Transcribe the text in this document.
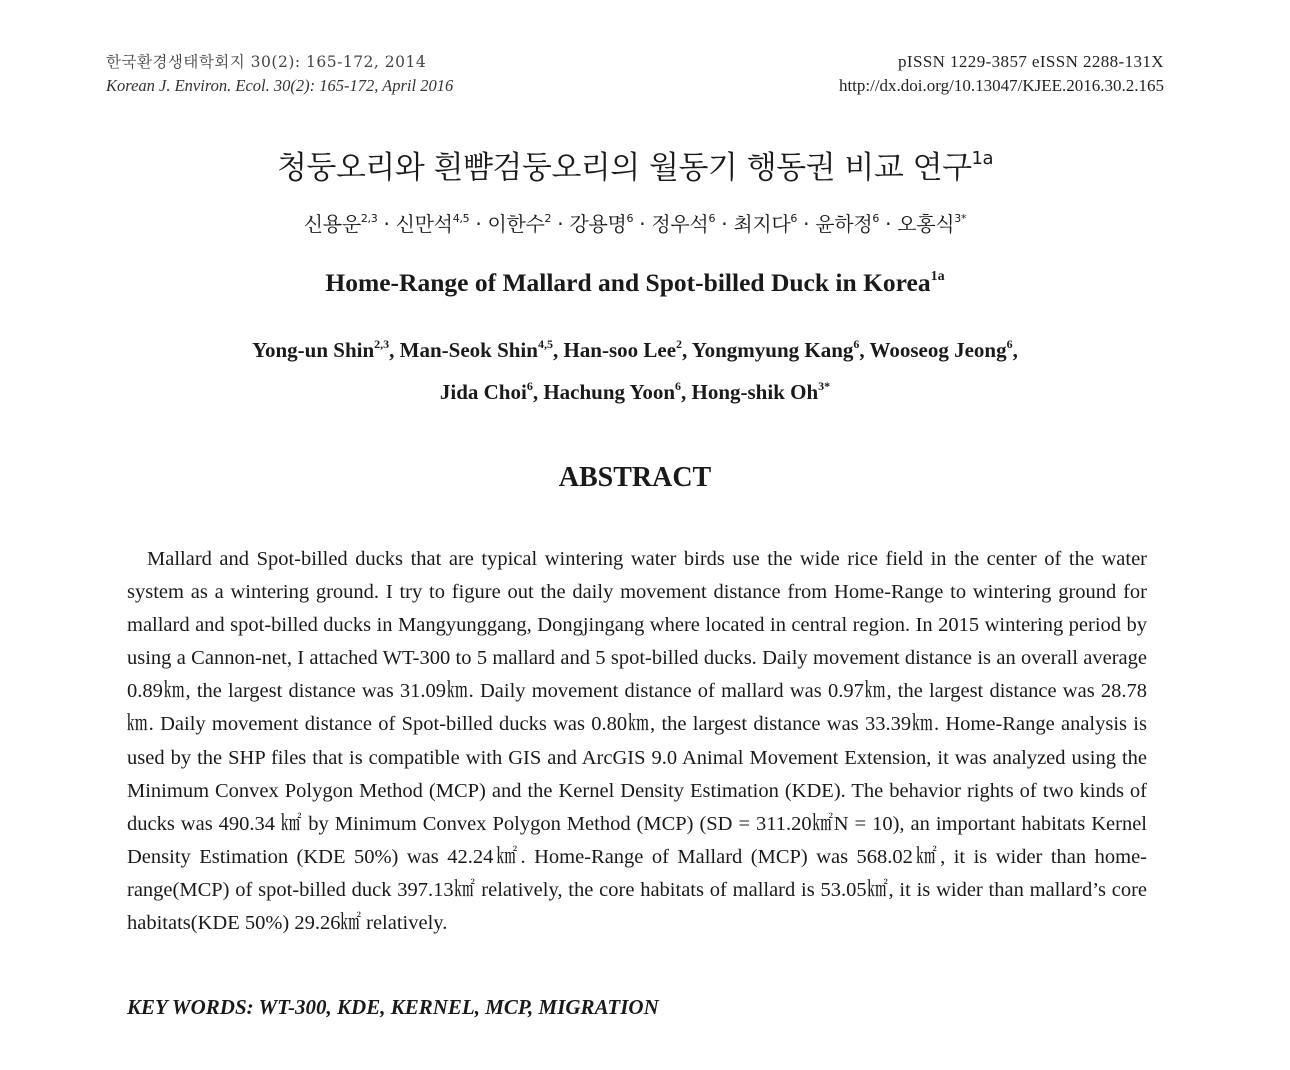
한국환경생태학회지 30(2): 165-172, 2014	pISSN 1229-3857 eISSN 2288-131X
Korean J. Environ. Ecol. 30(2): 165-172, April 2016	http://dx.doi.org/10.13047/KJEE.2016.30.2.165
청둥오리와 흰뺨검둥오리의 월동기 행동권 비교 연구$^{1a}$
신용운$^{2,3}$ · 신만석$^{4,5}$ · 이한수$^2$ · 강용명$^6$ · 정우석$^6$ · 최지다$^6$ · 윤하정$^6$ · 오홍식$^{3*}$
Home-Range of Mallard and Spot-billed Duck in Korea$^{1a}$
Yong-un Shin$^{2,3}$, Man-Seok Shin$^{4,5}$, Han-soo Lee$^2$, Yongmyung Kang$^6$, Wooseog Jeong$^6$,
Jida Choi$^6$, Hachung Yoon$^6$, Hong-shik $Oh^{3*}$
ABSTRACT

Mallard and Spot-billed ducks that are typical wintering water birds use the wide rice field in the center of the water system as a wintering ground. I try to figure out the daily movement distance from Home-Range to wintering ground for mallard and spot-billed ducks in Mangyunggang, Dongjingang where located in central region. In 2015 wintering period by using a Cannon-net, I attached WT-300 to 5 mallard and 5 spot-billed ducks. Daily movement distance is an overall average 0.89㎞, the largest distance was 31.09㎞. Daily movement distance of mallard was 0.97㎞, the largest distance was 28.78㎞. Daily movement distance of Spot-billed ducks was 0.80㎞, the largest distance was 33.39㎞. Home-Range analysis is used by the SHP files that is compatible with GIS and ArcGIS 9.0 Animal Movement Extension, it was analyzed using the Minimum Convex Polygon Method (MCP) and the Kernel Density Estimation (KDE). The behavior rights of two kinds of ducks was 490.34 ㎢ by Minimum Convex Polygon Method (MCP) (SD = 311.20㎢N = 10), an important habitats Kernel Density Estimation (KDE 50%) was 42.24㎢. Home-Range of Mallard (MCP) was 568.02㎢, it is wider than home-range(MCP) of spot-billed duck 397.13㎢ relatively, the core habitats of mallard is 53.05㎢, it is wider than mallard’s core habitats(KDE 50%) 29.26㎢ relatively.

KEY WORDS: WT-300, KDE, KERNEL, MCP, MIGRATION
